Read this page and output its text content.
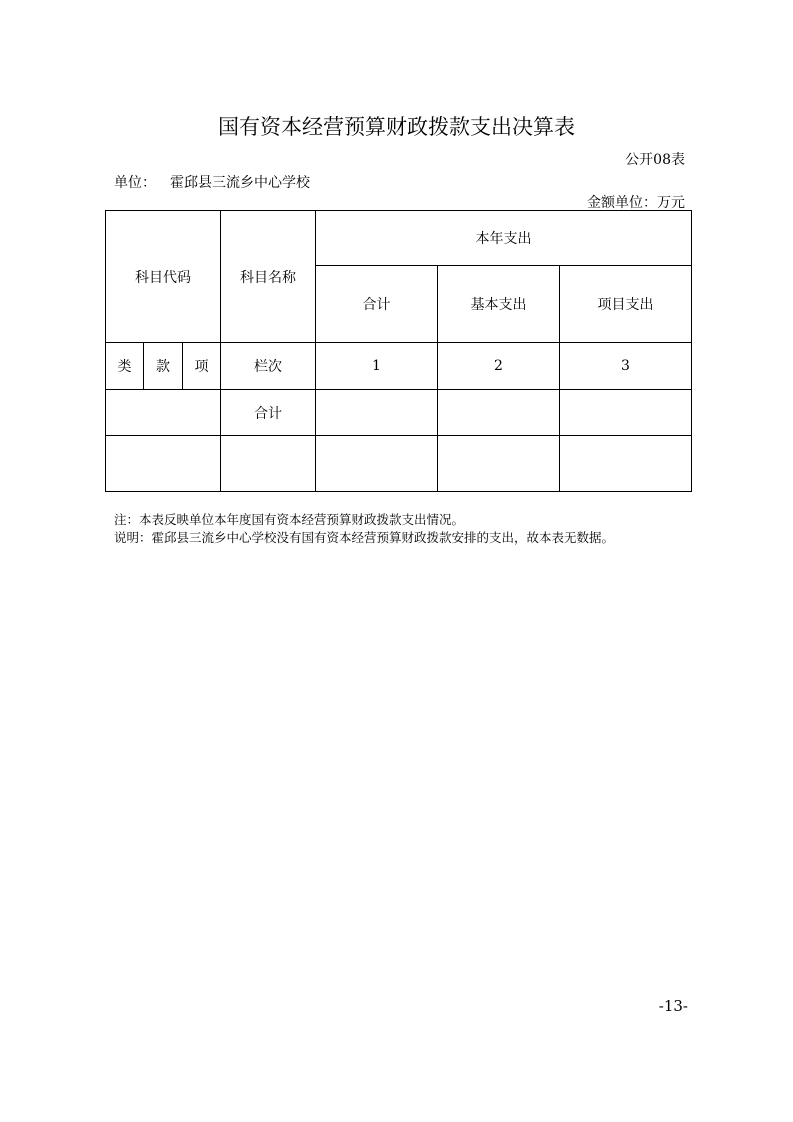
国有资本经营预算财政拨款支出决算表
公开08表
单位： 霍邱县三流乡中心学校
金额单位：万元
科目代码			科目名称	本年支出		
				合计	基本支出	项目支出
类	款	项	栏次	1	2	3
			合计			

注：本表反映单位本年度国有资本经营预算财政拨款支出情况。
说明：霍邱县三流乡中心学校没有国有资本经营预算财政拨款安排的支出，故本表无数据。
-13-
